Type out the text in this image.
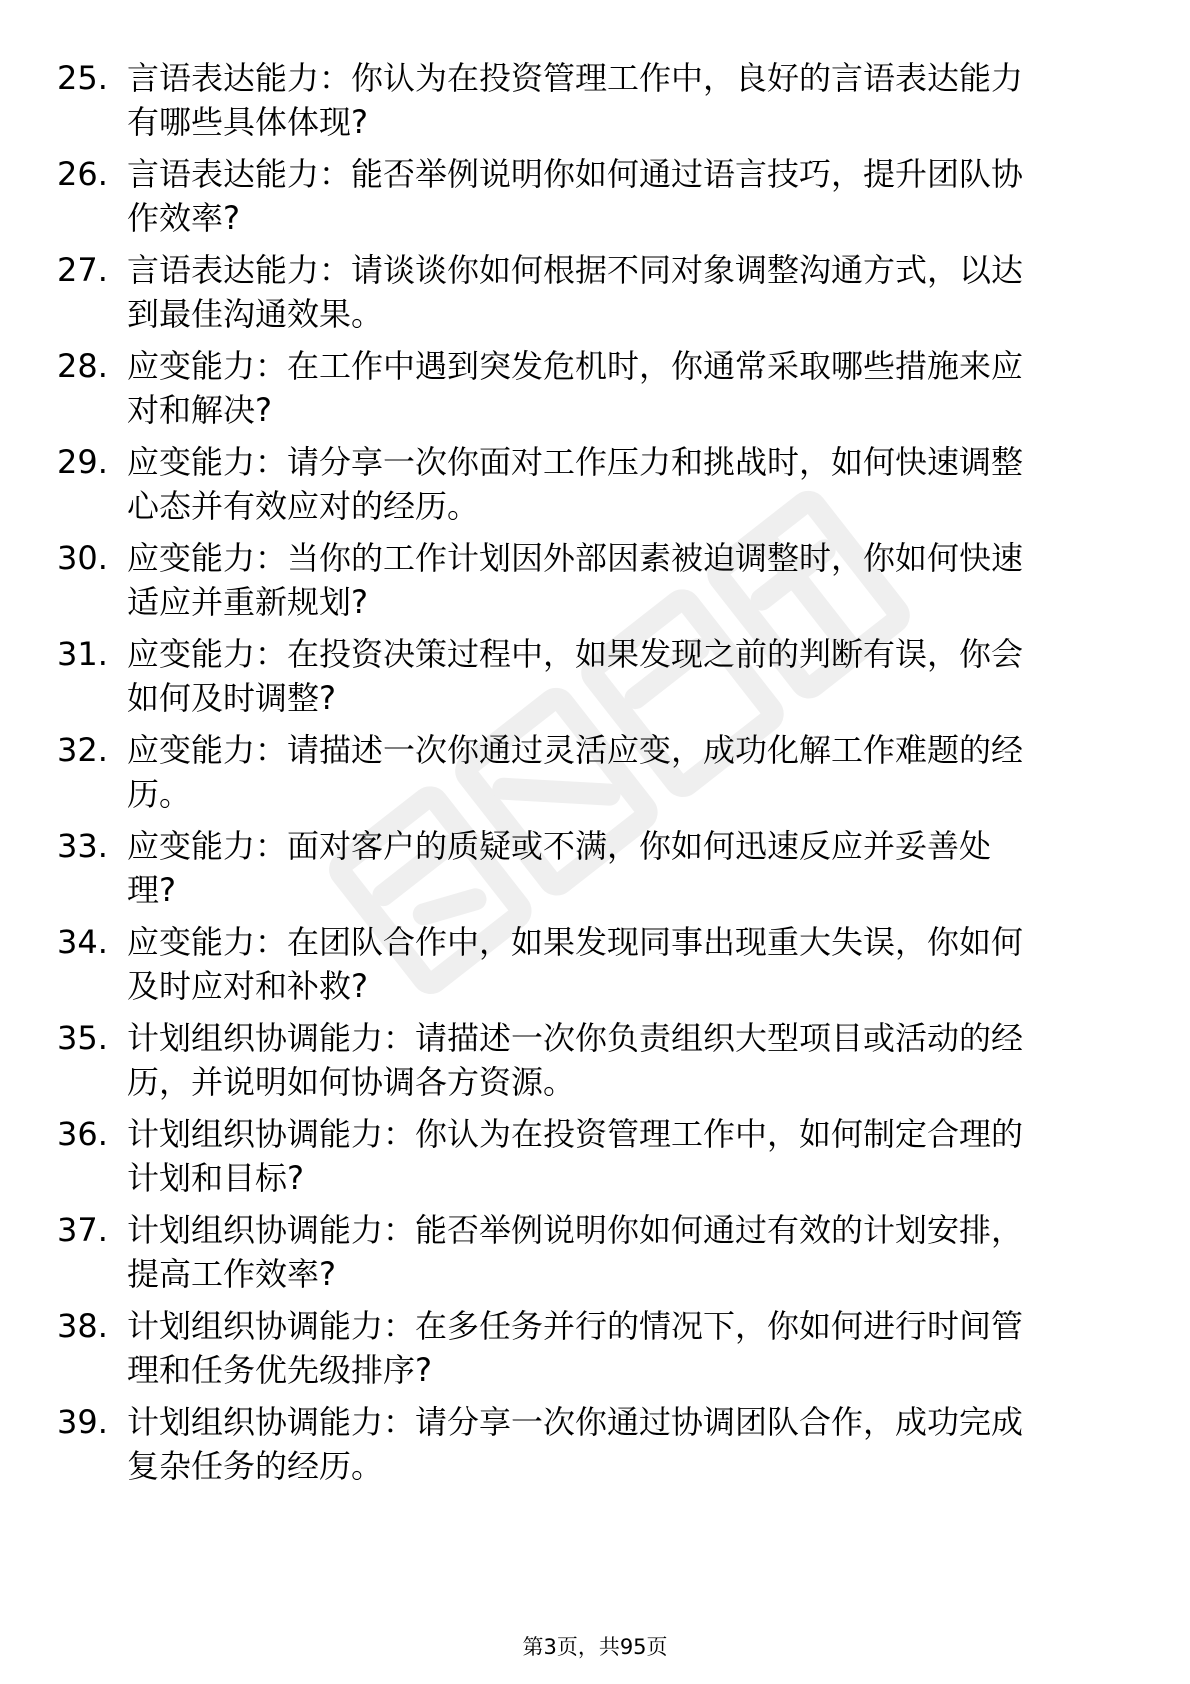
25. 言语表达能力：你认为在投资管理工作中，良好的言语表达能力
有哪些具体体现?
26. 言语表达能力：能否举例说明你如何通过语言技巧，提升团队协
作效率?
27. 言语表达能力：请谈谈你如何根据不同对象调整沟通方式，以达
到最佳沟通效果。
28. 应变能力：在工作中遇到突发危机时，你通常采取哪些措施来应
对和解决?
29. 应变能力：请分享一次你面对工作压力和挑战时，如何快速调整
心态并有效应对的经历。
30. 应变能力：当你的工作计划因外部因素被迫调整时，你如何快速
适应并重新规划?
31. 应变能力：在投资决策过程中，如果发现之前的判断有误，你会
如何及时调整?
32. 应变能力：请描述一次你通过灵活应变，成功化解工作难题的经
历。
33. 应变能力：面对客户的质疑或不满，你如何迅速反应并妥善处
理?
34. 应变能力：在团队合作中，如果发现同事出现重大失误，你如何
及时应对和补救?
35. 计划组织协调能力：请描述一次你负责组织大型项目或活动的经
历，并说明如何协调各方资源。
36. 计划组织协调能力：你认为在投资管理工作中，如何制定合理的
计划和目标?
37. 计划组织协调能力：能否举例说明你如何通过有效的计划安排，
提高工作效率?
38. 计划组织协调能力：在多任务并行的情况下，你如何进行时间管
理和任务优先级排序?
39. 计划组织协调能力：请分享一次你通过协调团队合作，成功完成
复杂任务的经历。
第3页，共95页
